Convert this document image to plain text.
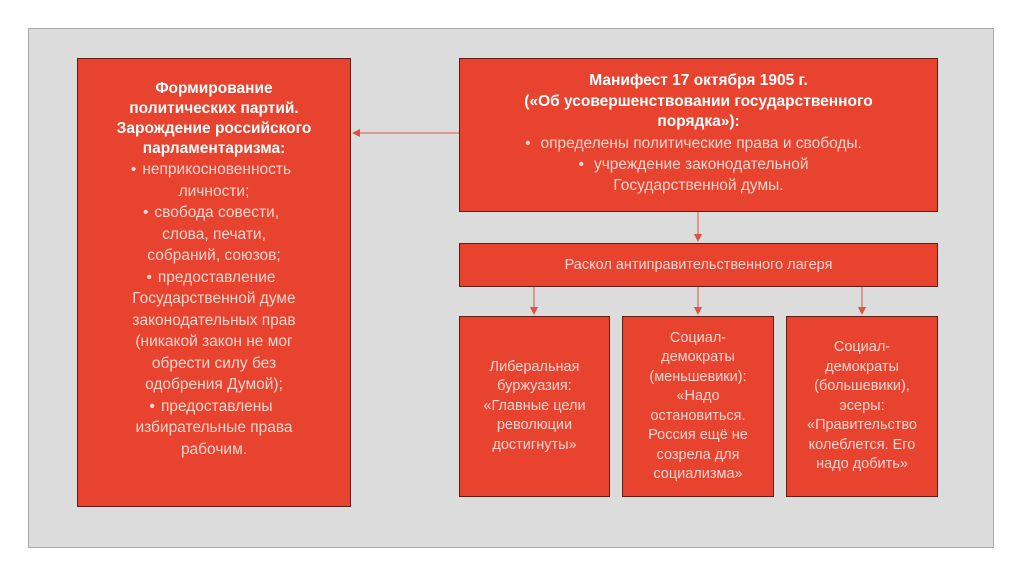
Формирование
политических партий.
Зарождение российского
парламентаризма:
• неприкосновенность
личности;
• свобода совести,
слова, печати,
собраний, союзов;
• предоставление
Государственной думе
законодательных прав
(никакой закон не мог
обрести силу без
одобрения Думой);
• предоставлены
избирательные права
рабочим.
Манифест 17 октября 1905 г.
(«Об усовершенствовании государственного
порядка»):
• определены политические права и свободы.
• учреждение законодательной
Государственной думы.
Раскол антиправительственного лагеря
Либеральная
буржуазия:
«Главные цели
революции
достигнуты»
Социал-
демократы
(меньшевики):
«Надо
остановиться.
Россия ещё не
созрела для
социализма»
Социал-
демократы
(большевики),
эсеры:
«Правительство
колеблется. Его
надо добить»
